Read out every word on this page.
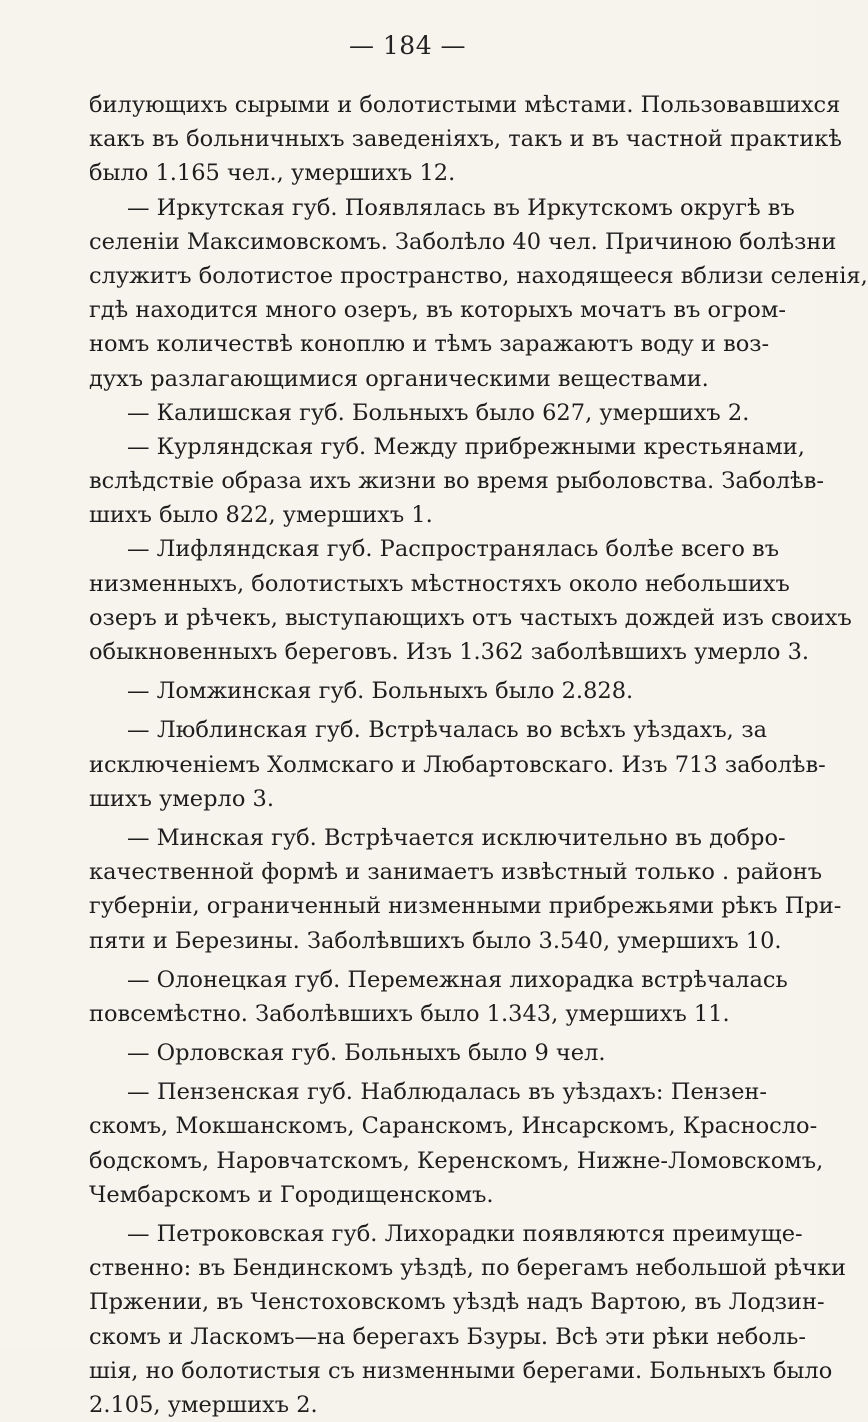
— 184 —
билующихъ сырыми и болотистыми мѣстами. Пользовавшихся
какъ въ больничныхъ заведеніяхъ, такъ и въ частной практикѣ
было 1.165 чел., умершихъ 12.
— Иркутская губ. Появлялась въ Иркутскомъ округѣ въ
селеніи Максимовскомъ. Заболѣло 40 чел. Причиною болѣзни
служитъ болотистое пространство, находящееся вблизи селенія,
гдѣ находится много озеръ, въ которыхъ мочатъ въ огром-
номъ количествѣ коноплю и тѣмъ заражаютъ воду и воз-
духъ разлагающимися органическими веществами.
— Калишская губ. Больныхъ было 627, умершихъ 2.
— Курляндская губ. Между прибрежными крестьянами,
вслѣдствіе образа ихъ жизни во время рыболовства. Заболѣв-
шихъ было 822, умершихъ 1.
— Лифляндская губ. Распространялась болѣе всего въ
низменныхъ, болотистыхъ мѣстностяхъ около небольшихъ
озеръ и рѣчекъ, выступающихъ отъ частыхъ дождей изъ своихъ
обыкновенныхъ береговъ. Изъ 1.362 заболѣвшихъ умерло 3.
— Ломжинская губ. Больныхъ было 2.828.
— Люблинская губ. Встрѣчалась во всѣхъ уѣздахъ, за
исключеніемъ Холмскаго и Любартовскаго. Изъ 713 заболѣв-
шихъ умерло 3.
— Минская губ. Встрѣчается исключительно въ добро-
качественной формѣ и занимаетъ извѣстный только . районъ
губерніи, ограниченный низменными прибрежьями рѣкъ При-
пяти и Березины. Заболѣвшихъ было 3.540, умершихъ 10.
— Олонецкая губ. Перемежная лихорадка встрѣчалась
повсемѣстно. Заболѣвшихъ было 1.343, умершихъ 11.
— Орловская губ. Больныхъ было 9 чел.
— Пензенская губ. Наблюдалась въ уѣздахъ: Пензен-
скомъ, Мокшанскомъ, Саранскомъ, Инсарскомъ, Краснослo-
бодскомъ, Наровчатскомъ, Керенскомъ, Нижне-Ломовскомъ,
Чембарскомъ и Городищенскомъ.
— Петроковская губ. Лихорадки появляются преимуще-
ственно: въ Бендинскомъ уѣздѣ, по берегамъ небольшой рѣчки
Пржении, въ Ченстоховскомъ уѣздѣ надъ Вартою, въ Лодзин-
скомъ и Ласкомъ—на берегахъ Бзуры. Всѣ эти рѣки неболь-
шія, но болотистыя съ низменными берегами. Больныхъ было
2.105, умершихъ 2.
